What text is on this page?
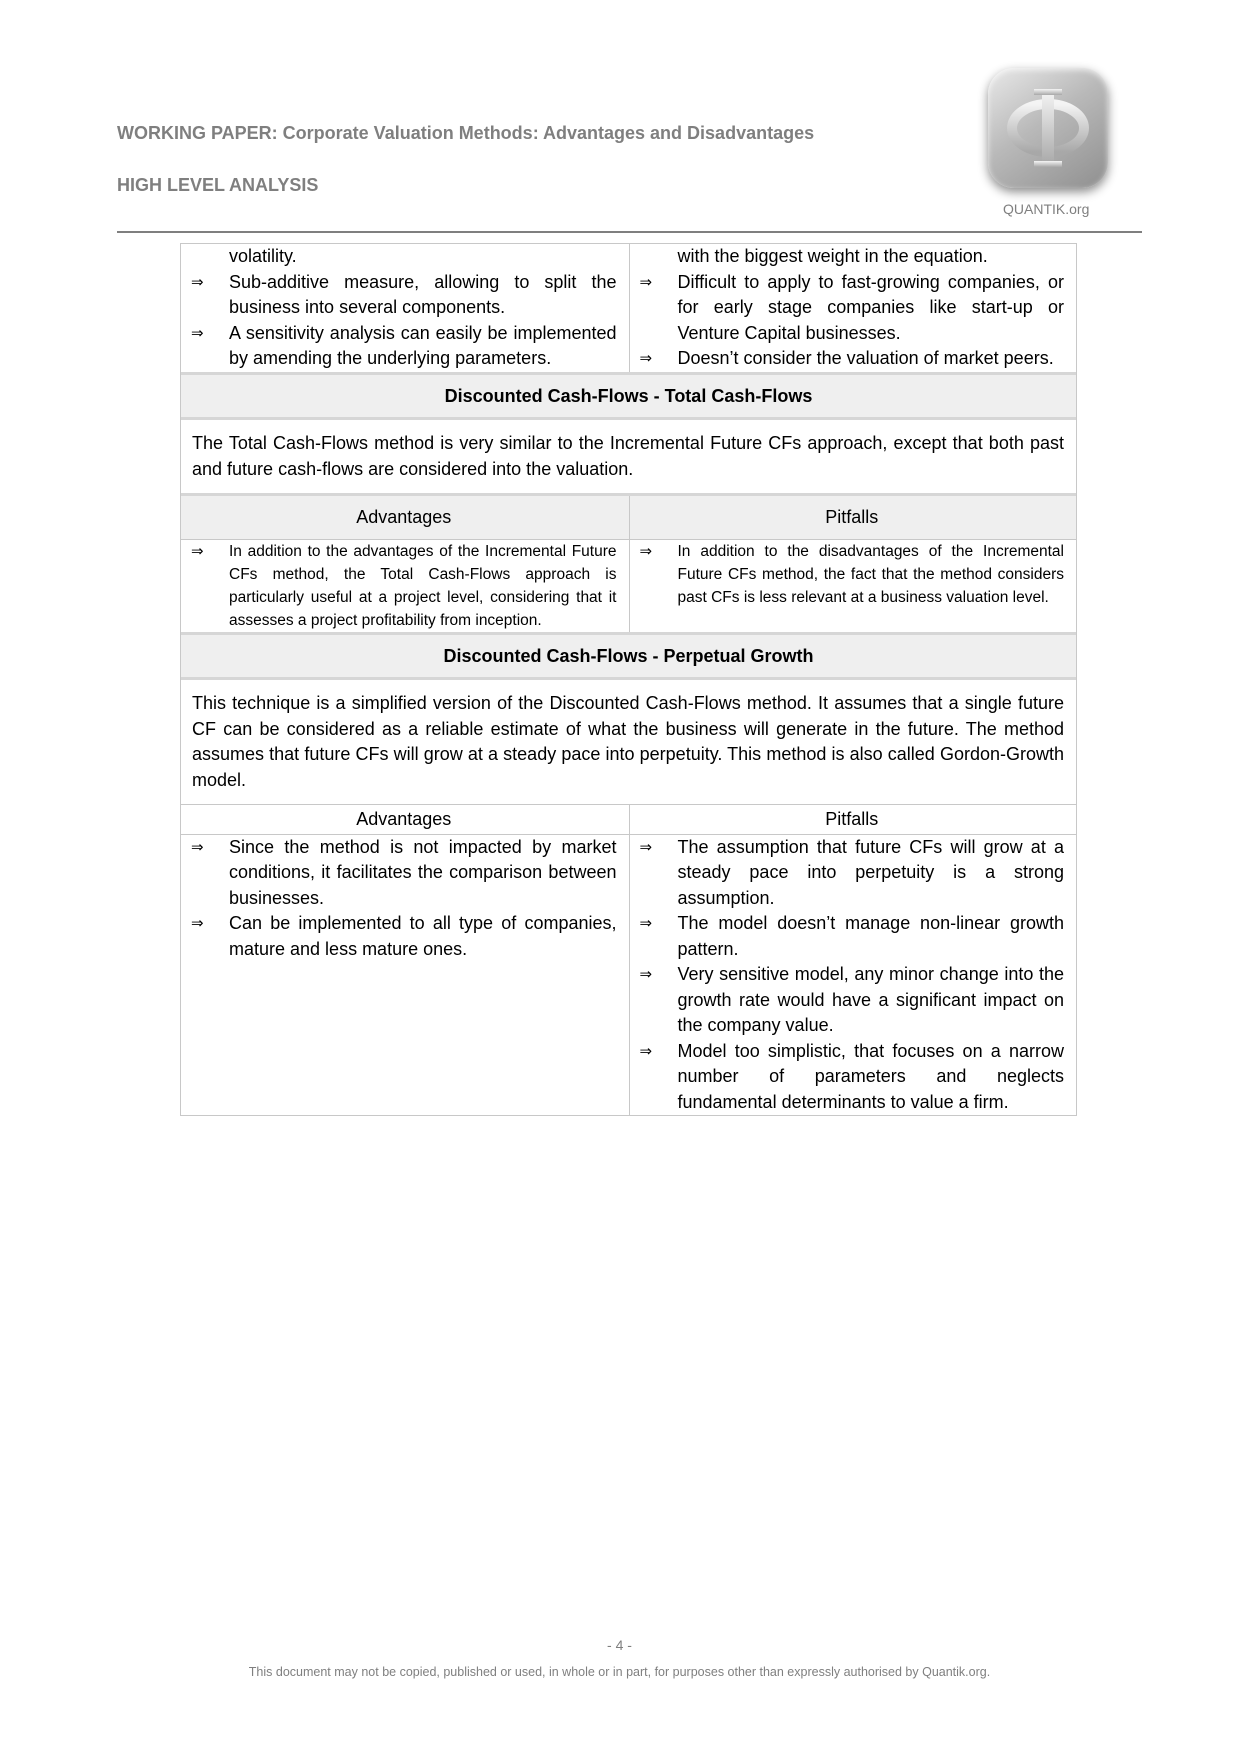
WORKING PAPER: Corporate Valuation Methods: Advantages and Disadvantages
HIGH LEVEL ANALYSIS
QUANTIK.org
volatility.
⇒ Sub-additive measure, allowing to split the business into several components.
⇒ A sensitivity analysis can easily be implemented by amending the underlying parameters.
with the biggest weight in the equation.
⇒ Difficult to apply to fast-growing companies, or for early stage companies like start-up or Venture Capital businesses.
⇒ Doesn’t consider the valuation of market peers.
Discounted Cash-Flows - Total Cash-Flows
The Total Cash-Flows method is very similar to the Incremental Future CFs approach, except that both past and future cash-flows are considered into the valuation.
Advantages	Pitfalls
⇒ In addition to the advantages of the Incremental Future CFs method, the Total Cash-Flows approach is particularly useful at a project level, considering that it assesses a project profitability from inception.
⇒ In addition to the disadvantages of the Incremental Future CFs method, the fact that the method considers past CFs is less relevant at a business valuation level.
Discounted Cash-Flows - Perpetual Growth
This technique is a simplified version of the Discounted Cash-Flows method. It assumes that a single future CF can be considered as a reliable estimate of what the business will generate in the future. The method assumes that future CFs will grow at a steady pace into perpetuity. This method is also called Gordon-Growth model.
Advantages	Pitfalls
⇒ Since the method is not impacted by market conditions, it facilitates the comparison between businesses.
⇒ Can be implemented to all type of companies, mature and less mature ones.
⇒ The assumption that future CFs will grow at a steady pace into perpetuity is a strong assumption.
⇒ The model doesn’t manage non-linear growth pattern.
⇒ Very sensitive model, any minor change into the growth rate would have a significant impact on the company value.
⇒ Model too simplistic, that focuses on a narrow number of parameters and neglects fundamental determinants to value a firm.
- 4 -
This document may not be copied, published or used, in whole or in part, for purposes other than expressly authorised by Quantik.org.
